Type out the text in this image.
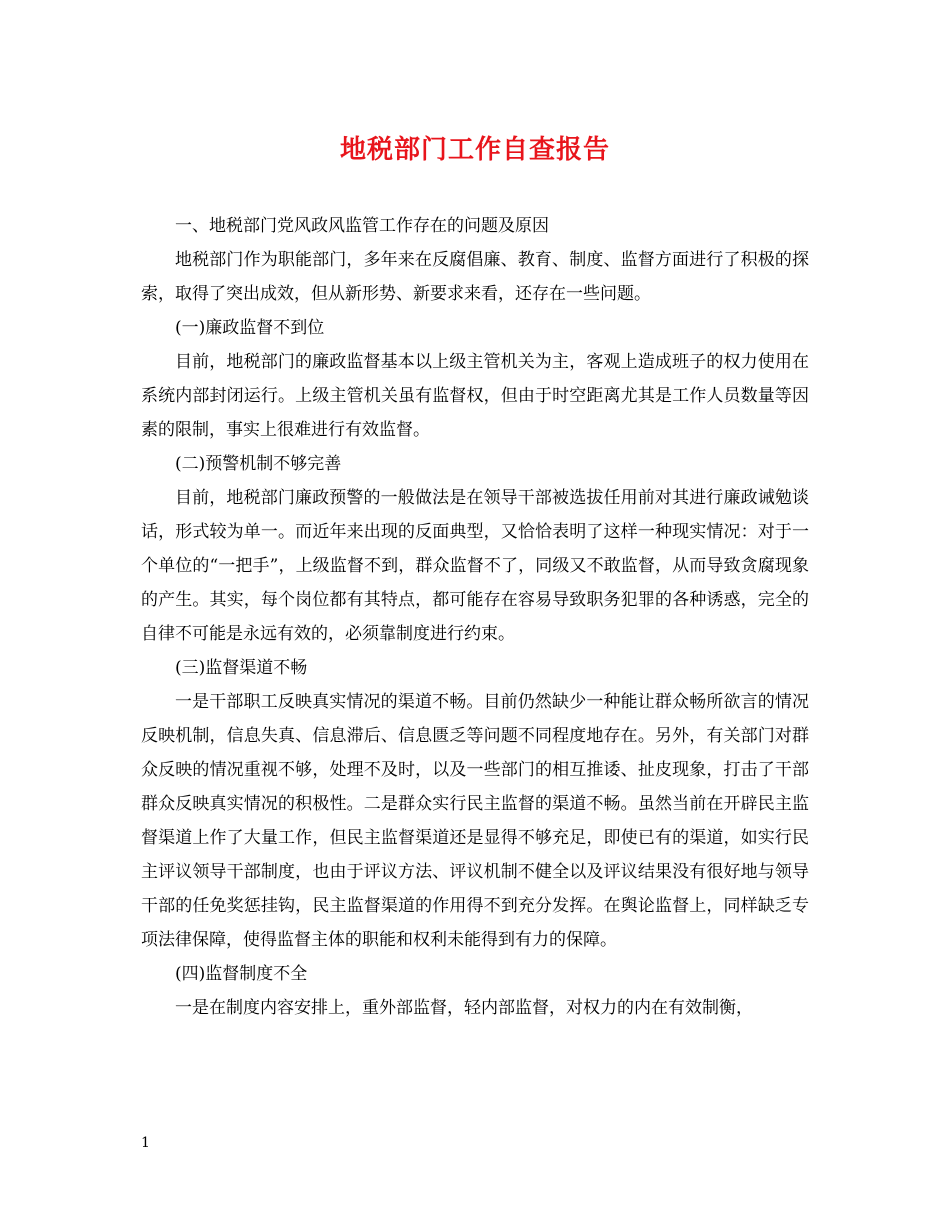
地税部门工作自查报告

一、地税部门党风政风监管工作存在的问题及原因

地税部门作为职能部门，多年来在反腐倡廉、教育、制度、监督方面进行了积极的探索，取得了突出成效，但从新形势、新要求来看，还存在一些问题。

(一)廉政监督不到位

目前，地税部门的廉政监督基本以上级主管机关为主，客观上造成班子的权力使用在系统内部封闭运行。上级主管机关虽有监督权，但由于时空距离尤其是工作人员数量等因素的限制，事实上很难进行有效监督。

(二)预警机制不够完善

目前，地税部门廉政预警的一般做法是在领导干部被选拔任用前对其进行廉政诫勉谈话，形式较为单一。而近年来出现的反面典型，又恰恰表明了这样一种现实情况：对于一个单位的“一把手”，上级监督不到，群众监督不了，同级又不敢监督，从而导致贪腐现象的产生。其实，每个岗位都有其特点，都可能存在容易导致职务犯罪的各种诱惑，完全的自律不可能是永远有效的，必须靠制度进行约束。

(三)监督渠道不畅

一是干部职工反映真实情况的渠道不畅。目前仍然缺少一种能让群众畅所欲言的情况反映机制，信息失真、信息滞后、信息匮乏等问题不同程度地存在。另外，有关部门对群众反映的情况重视不够，处理不及时，以及一些部门的相互推诿、扯皮现象，打击了干部群众反映真实情况的积极性。二是群众实行民主监督的渠道不畅。虽然当前在开辟民主监督渠道上作了大量工作，但民主监督渠道还是显得不够充足，即使已有的渠道，如实行民主评议领导干部制度，也由于评议方法、评议机制不健全以及评议结果没有很好地与领导干部的任免奖惩挂钩，民主监督渠道的作用得不到充分发挥。在舆论监督上，同样缺乏专项法律保障，使得监督主体的职能和权利未能得到有力的保障。

(四)监督制度不全

一是在制度内容安排上，重外部监督，轻内部监督，对权力的内在有效制衡，

1
